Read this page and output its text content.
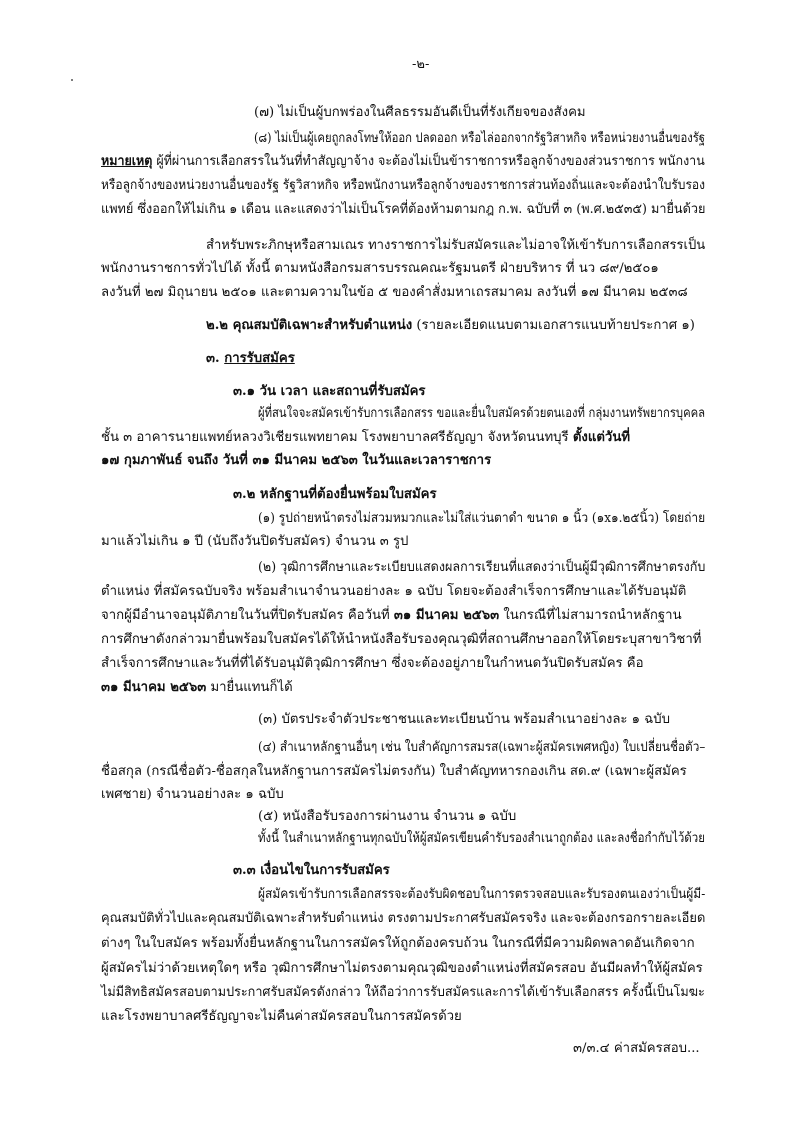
-๒-
(๗) ไม่เป็นผู้บกพร่องในศีลธรรมอันดีเป็นที่รังเกียจของสังคม
(๘) ไม่เป็นผู้เคยถูกลงโทษให้ออก ปลดออก หรือไล่ออกจากรัฐวิสาหกิจ หรือหน่วยงานอื่นของรัฐ
หมายเหตุ ผู้ที่ผ่านการเลือกสรรในวันที่ทำสัญญาจ้าง จะต้องไม่เป็นข้าราชการหรือลูกจ้างของส่วนราชการ พนักงาน
หรือลูกจ้างของหน่วยงานอื่นของรัฐ รัฐวิสาหกิจ หรือพนักงานหรือลูกจ้างของราชการส่วนท้องถิ่นและจะต้องนำใบรับรอง
แพทย์ ซึ่งออกให้ไม่เกิน ๑ เดือน และแสดงว่าไม่เป็นโรคที่ต้องห้ามตามกฎ ก.พ. ฉบับที่ ๓ (พ.ศ.๒๕๓๕) มายื่นด้วย
สำหรับพระภิกษุหรือสามเณร ทางราชการไม่รับสมัครและไม่อาจให้เข้ารับการเลือกสรรเป็น
พนักงานราชการทั่วไปได้ ทั้งนี้ ตามหนังสือกรมสารบรรณคณะรัฐมนตรี ฝ่ายบริหาร ที่ นว ๘๙/๒๕๐๑
ลงวันที่ ๒๗ มิถุนายน ๒๕๐๑ และตามความในข้อ ๕ ของคำสั่งมหาเถรสมาคม ลงวันที่ ๑๗ มีนาคม ๒๕๓๘
๒.๒ คุณสมบัติเฉพาะสำหรับตำแหน่ง (รายละเอียดแนบตามเอกสารแนบท้ายประกาศ ๑)
๓. การรับสมัคร
๓.๑ วัน เวลา และสถานที่รับสมัคร
ผู้ที่สนใจจะสมัครเข้ารับการเลือกสรร ขอและยื่นใบสมัครด้วยตนเองที่ กลุ่มงานทรัพยากรบุคคล
ชั้น ๓ อาคารนายแพทย์หลวงวิเชียรแพทยาคม โรงพยาบาลศรีธัญญา จังหวัดนนทบุรี ตั้งแต่วันที่
๑๗ กุมภาพันธ์ จนถึง วันที่ ๓๑ มีนาคม ๒๕๖๓ ในวันและเวลาราชการ
๓.๒ หลักฐานที่ต้องยื่นพร้อมใบสมัคร
(๑) รูปถ่ายหน้าตรงไม่สวมหมวกและไม่ใส่แว่นตาดำ ขนาด ๑ นิ้ว (๑x๑.๒๕นิ้ว) โดยถ่าย
มาแล้วไม่เกิน ๑ ปี (นับถึงวันปิดรับสมัคร) จำนวน ๓ รูป
(๒) วุฒิการศึกษาและระเบียบแสดงผลการเรียนที่แสดงว่าเป็นผู้มีวุฒิการศึกษาตรงกับ
ตำแหน่ง ที่สมัครฉบับจริง พร้อมสำเนาจำนวนอย่างละ ๑ ฉบับ โดยจะต้องสำเร็จการศึกษาและได้รับอนุมัติ
จากผู้มีอำนาจอนุมัติภายในวันที่ปิดรับสมัคร คือวันที่ ๓๑ มีนาคม ๒๕๖๓ ในกรณีที่ไม่สามารถนำหลักฐาน
การศึกษาดังกล่าวมายื่นพร้อมใบสมัครได้ให้นำหนังสือรับรองคุณวุฒิที่สถานศึกษาออกให้โดยระบุสาขาวิชาที่
สำเร็จการศึกษาและวันที่ที่ได้รับอนุมัติวุฒิการศึกษา ซึ่งจะต้องอยู่ภายในกำหนดวันปิดรับสมัคร คือ
๓๑ มีนาคม ๒๕๖๓ มายื่นแทนก็ได้
(๓) บัตรประจำตัวประชาชนและทะเบียนบ้าน พร้อมสำเนาอย่างละ ๑ ฉบับ
(๔) สำเนาหลักฐานอื่นๆ เช่น ใบสำคัญการสมรส(เฉพาะผู้สมัครเพศหญิง) ใบเปลี่ยนชื่อตัว–
ชื่อสกุล (กรณีชื่อตัว-ชื่อสกุลในหลักฐานการสมัครไม่ตรงกัน) ใบสำคัญทหารกองเกิน สด.๙ (เฉพาะผู้สมัคร
เพศชาย) จำนวนอย่างละ ๑ ฉบับ
(๕) หนังสือรับรองการผ่านงาน จำนวน ๑ ฉบับ
ทั้งนี้ ในสำเนาหลักฐานทุกฉบับให้ผู้สมัครเขียนคำรับรองสำเนาถูกต้อง และลงชื่อกำกับไว้ด้วย
๓.๓ เงื่อนไขในการรับสมัคร
ผู้สมัครเข้ารับการเลือกสรรจะต้องรับผิดชอบในการตรวจสอบและรับรองตนเองว่าเป็นผู้มี-
คุณสมบัติทั่วไปและคุณสมบัติเฉพาะสำหรับตำแหน่ง ตรงตามประกาศรับสมัครจริง และจะต้องกรอกรายละเอียด
ต่างๆ ในใบสมัคร พร้อมทั้งยื่นหลักฐานในการสมัครให้ถูกต้องครบถ้วน ในกรณีที่มีความผิดพลาดอันเกิดจาก
ผู้สมัครไม่ว่าด้วยเหตุใดๆ หรือ วุฒิการศึกษาไม่ตรงตามคุณวุฒิของตำแหน่งที่สมัครสอบ อันมีผลทำให้ผู้สมัคร
ไม่มีสิทธิสมัครสอบตามประกาศรับสมัครดังกล่าว ให้ถือว่าการรับสมัครและการได้เข้ารับเลือกสรร ครั้งนี้เป็นโมฆะ
และโรงพยาบาลศรีธัญญาจะไม่คืนค่าสมัครสอบในการสมัครด้วย
๓/๓.๔ ค่าสมัครสอบ...
